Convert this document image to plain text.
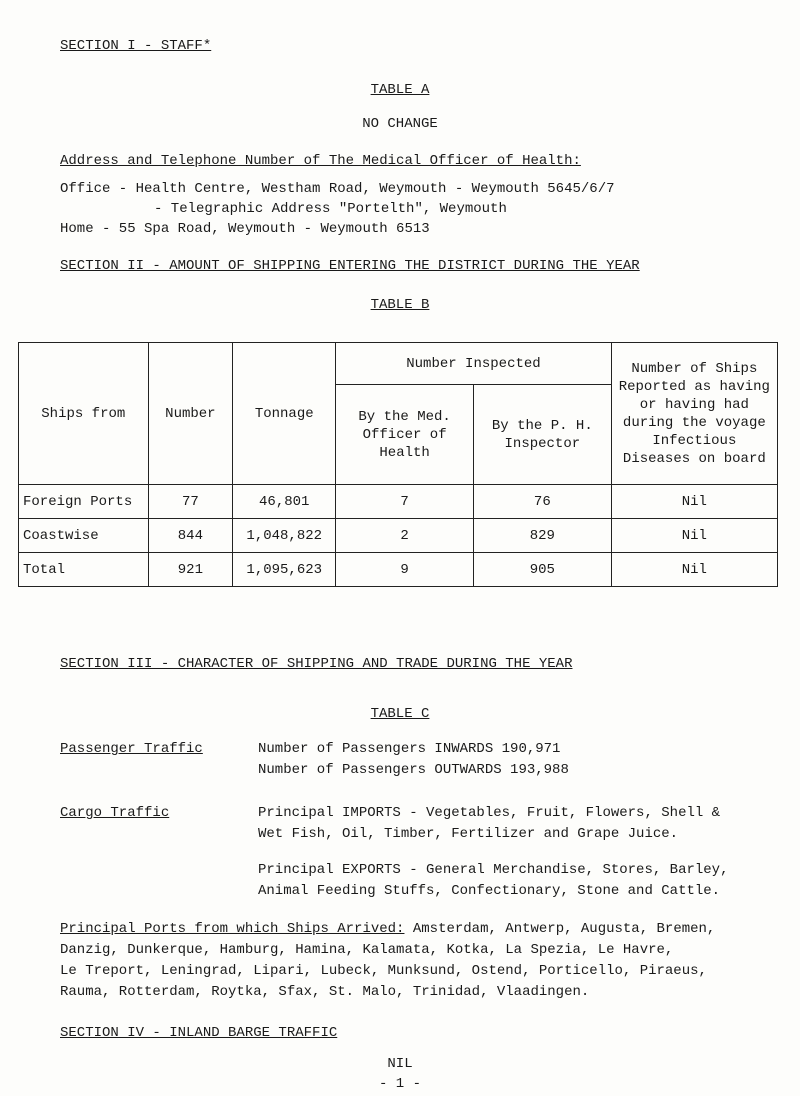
SECTION I - STAFF*
TABLE A
NO CHANGE
Address and Telephone Number of The Medical Officer of Health:
Office - Health Centre, Westham Road, Weymouth - Weymouth 5645/6/7
- Telegraphic Address "Portelth", Weymouth
Home - 55 Spa Road, Weymouth - Weymouth 6513
SECTION II - AMOUNT OF SHIPPING ENTERING THE DISTRICT DURING THE YEAR
TABLE B
Ships from	Number	Tonnage	Number Inspected		Number of Ships Reported as having or having had during the voyage Infectious Diseases on board
			By the Med. Officer of Health	By the P. H. Inspector	
Foreign Ports	77	46,801	7	76	Nil
Coastwise	844	1,048,822	2	829	Nil
Total	921	1,095,623	9	905	Nil
SECTION III - CHARACTER OF SHIPPING AND TRADE DURING THE YEAR
TABLE C
Passenger Traffic	Number of Passengers INWARDS 190,971
Number of Passengers OUTWARDS 193,988
Cargo Traffic	Principal IMPORTS - Vegetables, Fruit, Flowers, Shell &
Wet Fish, Oil, Timber, Fertilizer and Grape Juice.
Principal EXPORTS - General Merchandise, Stores, Barley,
Animal Feeding Stuffs, Confectionary, Stone and Cattle.
Principal Ports from which Ships Arrived: Amsterdam, Antwerp, Augusta, Bremen,
Danzig, Dunkerque, Hamburg, Hamina, Kalamata, Kotka, La Spezia, Le Havre,
Le Treport, Leningrad, Lipari, Lubeck, Munksund, Ostend, Porticello, Piraeus,
Rauma, Rotterdam, Roytka, Sfax, St. Malo, Trinidad, Vlaadingen.
SECTION IV - INLAND BARGE TRAFFIC
NIL
- 1 -
